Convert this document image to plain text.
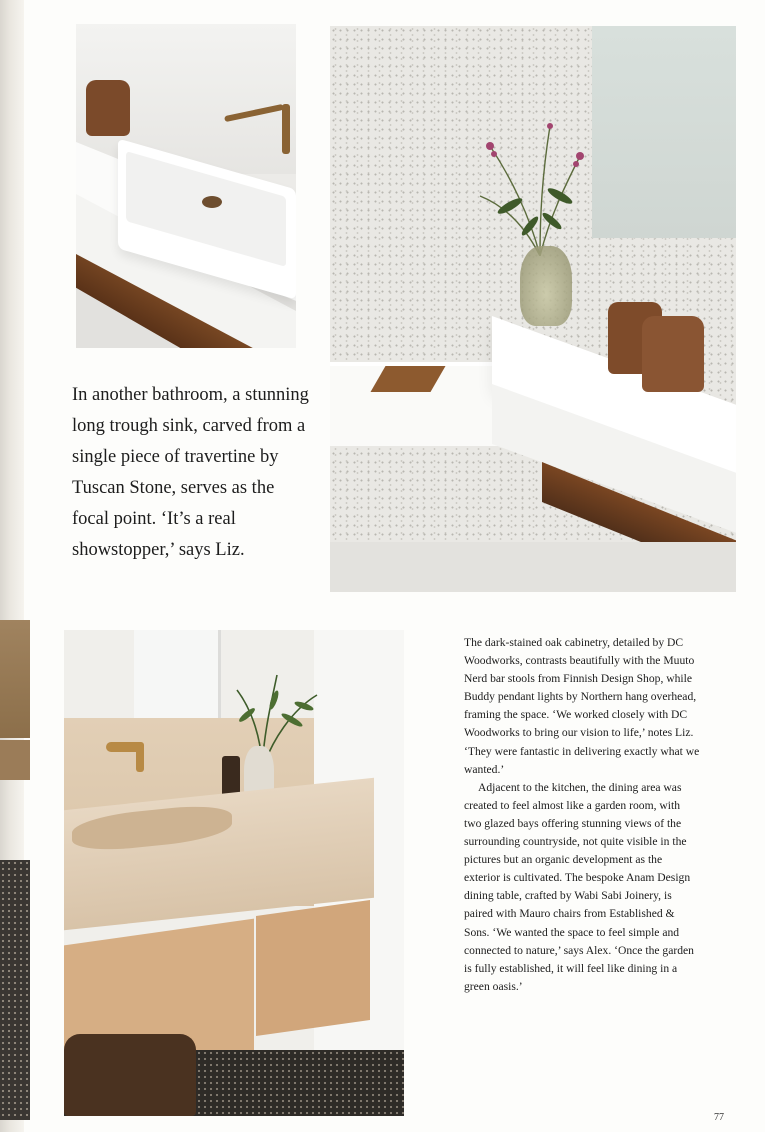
In another bathroom, a stunning long trough sink, carved from a single piece of travertine by Tuscan Stone, serves as the focal point. ‘It’s a real showstopper,’ says Liz.

The dark-stained oak cabinetry, detailed by DC Woodworks, contrasts beautifully with the Muuto Nerd bar stools from Finnish Design Shop, while Buddy pendant lights by Northern hang overhead, framing the space. ‘We worked closely with DC Woodworks to bring our vision to life,’ notes Liz. ‘They were fantastic in delivering exactly what we wanted.’

Adjacent to the kitchen, the dining area was created to feel almost like a garden room, with two glazed bays offering stunning views of the surrounding countryside, not quite visible in the pictures but an organic development as the exterior is cultivated. The bespoke Anam Design dining table, crafted by Wabi Sabi Joinery, is paired with Mauro chairs from Established & Sons. ‘We wanted the space to feel simple and connected to nature,’ says Alex. ‘Once the garden is fully established, it will feel like dining in a green oasis.’

77
